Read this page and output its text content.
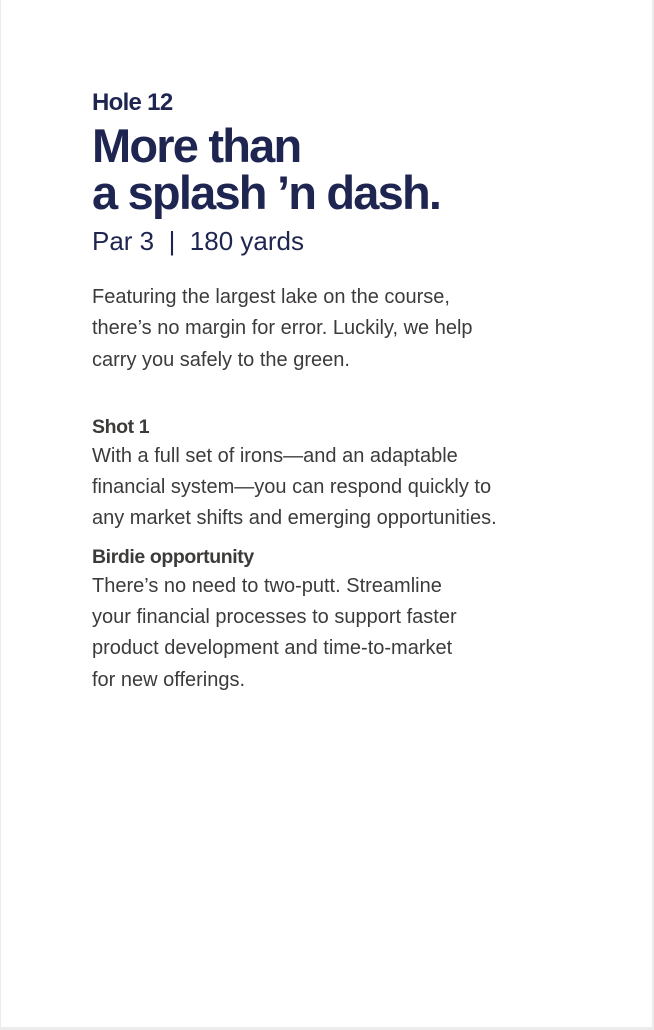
Hole 12
More than
a splash ’n dash.

Par 3  |  180 yards

Featuring the largest lake on the course,
there’s no margin for error. Luckily, we help
carry you safely to the green.

Shot 1

With a full set of irons—and an adaptable
financial system—you can respond quickly to
any market shifts and emerging opportunities.

Birdie opportunity

There’s no need to two-putt. Streamline
your financial processes to support faster
product development and time-to-market
for new offerings.
